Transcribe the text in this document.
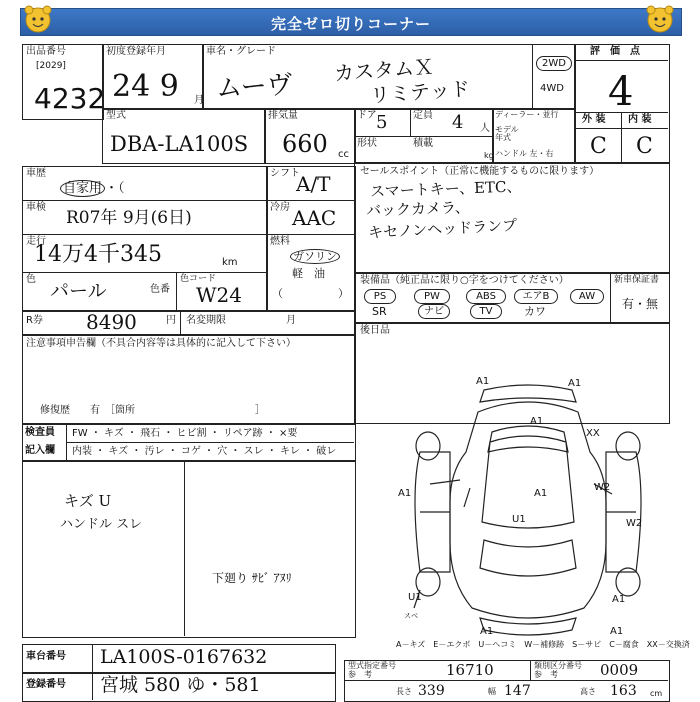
完全ゼロ切りコーナー
出品番号
[2029]
4232
初度登録年月
24 9 月
車名・グレード
ムーヴ
カスタムＸ
リミテッド
2WD
4WD
評　価　点
4
型式
DBA-LA100S
排気量
660 cc
ドア 5	定員 4 人
形状	積載
kg
ディーラー・並行
モデル年式
ハンドル 左・右
外 装 内 装
C C
車歴
自家用 ・（
車検
R07年 9月(6日)
走行
14万4千345	km
色
パール	色番
色コード
W24
シフト
A/T
冷房 AAC
燃料
ガソリン
軽　油
（　　　　　）
R券 8490	円 名変期限	月
注意事項申告欄（不具合内容等は具体的に記入して下さい）
修復歴　　有　［箇所　　　　　　　　　　　　］
セールスポイント（正常に機能するものに限ります）
スマートキー、ETC、
バックカメラ、
キセノンヘッドランプ
装備品（純正品に限り○字をつけてください）	新車保証書
有・無
PS	PW	ABS	エアB	AW
SR	ナビ	TV	カワ
後日品
検査員
記入欄
FW ・ キズ ・ 飛石 ・ ヒビ割 ・ リペア跡 ・ ×要
内装 ・ キズ ・ 汚レ ・ コゲ ・ 穴 ・ スレ ・ キレ ・ 破レ
キズ U
ハンドル スレ
下廻り ｻﾋﾞ ｱﾇﾘ
A1	A1
A1
XX
A1
W2
A1
U1	W2
U1	A1
A1	A1
スベ
A－キズ　E－エクボ　U－ヘコミ　W－補修跡　S－サビ　C－腐食　XX－交換済
車台番号 LA100S-0167632
登録番号 宮城 580 ゆ・581
型式指定番号
参　考	16710	類別区分番号
参　考	0009
長さ 339	幅 147	高さ 163 cm
